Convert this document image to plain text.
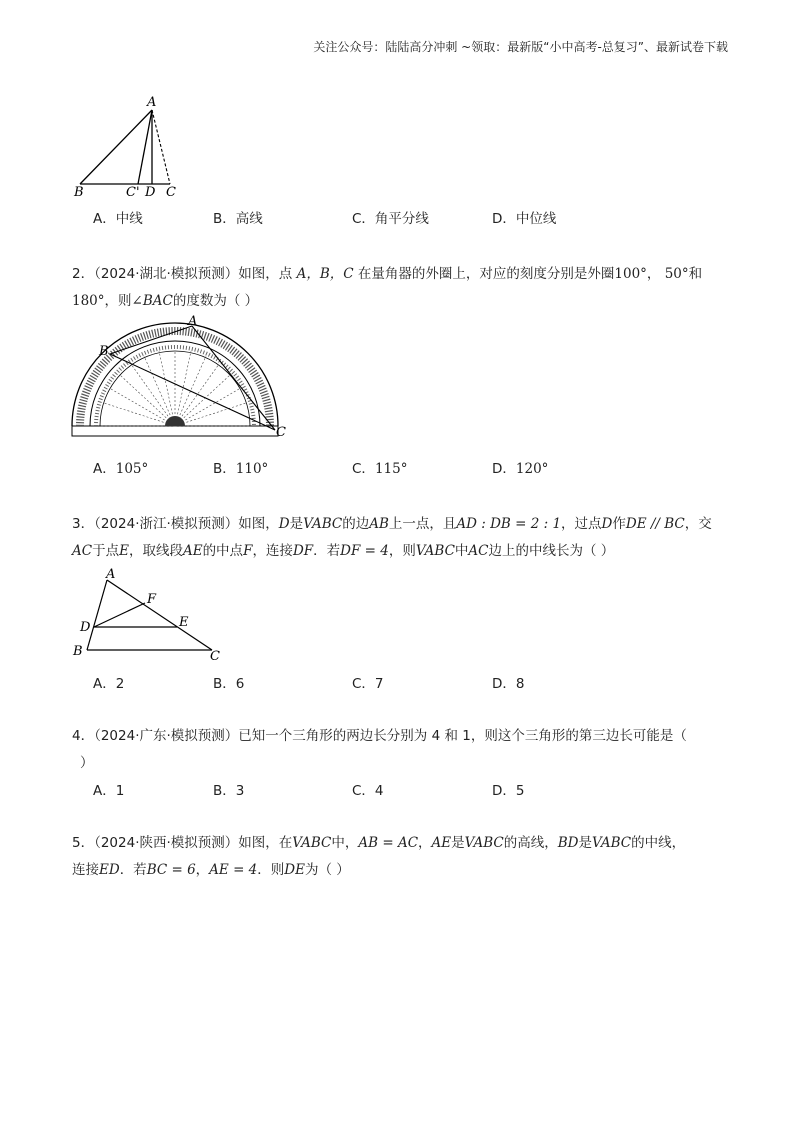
关注公众号：陆陆高分冲刺 ~领取：最新版“小中高考-总复习”、最新试卷下载
A
B	C' D C
A．中线	B．高线	C．角平分线	D．中位线
2．（2024·湖北·模拟预测）如图，点 A，B，C 在量角器的外圈上，对应的刻度分别是外圈100°， 50°和
180°，则∠BAC的度数为（ ）
A
B
C
A．105°	B．110°	C．115°	D．120°
3．（2024·浙江·模拟预测）如图，D是VABC的边AB上一点，且AD : DB = 2 : 1，过点D作DE // BC，交
AC于点E，取线段AE的中点F，连接DF．若DF = 4，则VABC中AC边上的中线长为（ ）
A
F
D	E
B	C
A．2	B．6	C．7	D．8
4．（2024·广东·模拟预测）已知一个三角形的两边长分别为 4 和 1，则这个三角形的第三边长可能是（
）
A．1	B．3	C．4	D．5
5．（2024·陕西·模拟预测）如图，在VABC中，AB = AC，AE是VABC的高线，BD是VABC的中线，
连接ED．若BC = 6，AE = 4．则DE为（ ）
